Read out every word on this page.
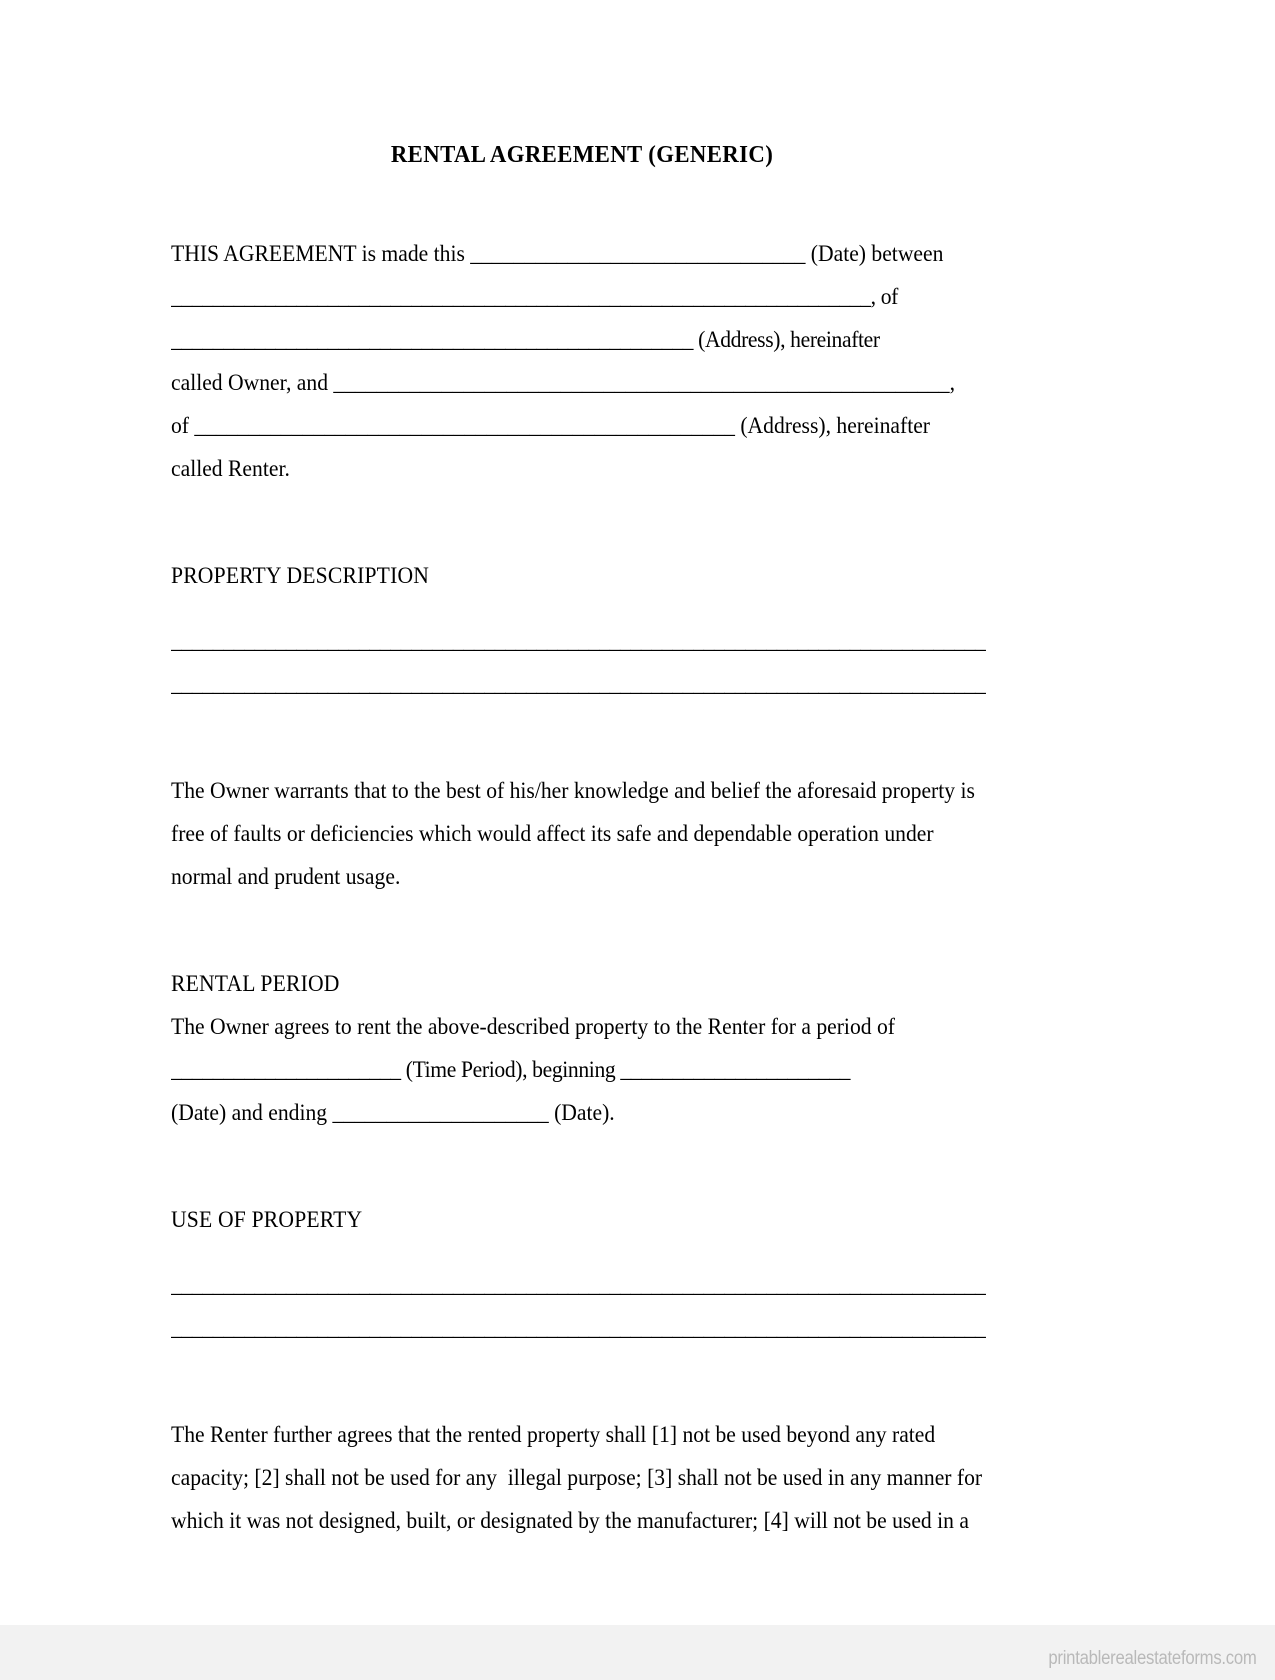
RENTAL AGREEMENT (GENERIC)

THIS AGREEMENT is made this _______________________________ (Date) between

___________________________________________________________________, of

__________________________________________________ (Address), hereinafter

called Owner, and _________________________________________________________,

of __________________________________________________ (Address), hereinafter

called Renter.

PROPERTY DESCRIPTION

______________________________________________________________________________

______________________________________________________________________________

The Owner warrants that to the best of his/her knowledge and belief the aforesaid property is free of faults or deficiencies which would affect its safe and dependable operation under normal and prudent usage.

RENTAL PERIOD

The Owner agrees to rent the above-described property to the Renter for a period of

______________________ (Time Period), beginning ______________________

(Date) and ending ____________________ (Date).

USE OF PROPERTY

______________________________________________________________________________

______________________________________________________________________________

The Renter further agrees that the rented property shall [1] not be used beyond any rated capacity; [2] shall not be used for any  illegal purpose; [3] shall not be used in any manner for which it was not designed, built, or designated by the manufacturer; [4] will not be used in a

printablerealestateforms.com
